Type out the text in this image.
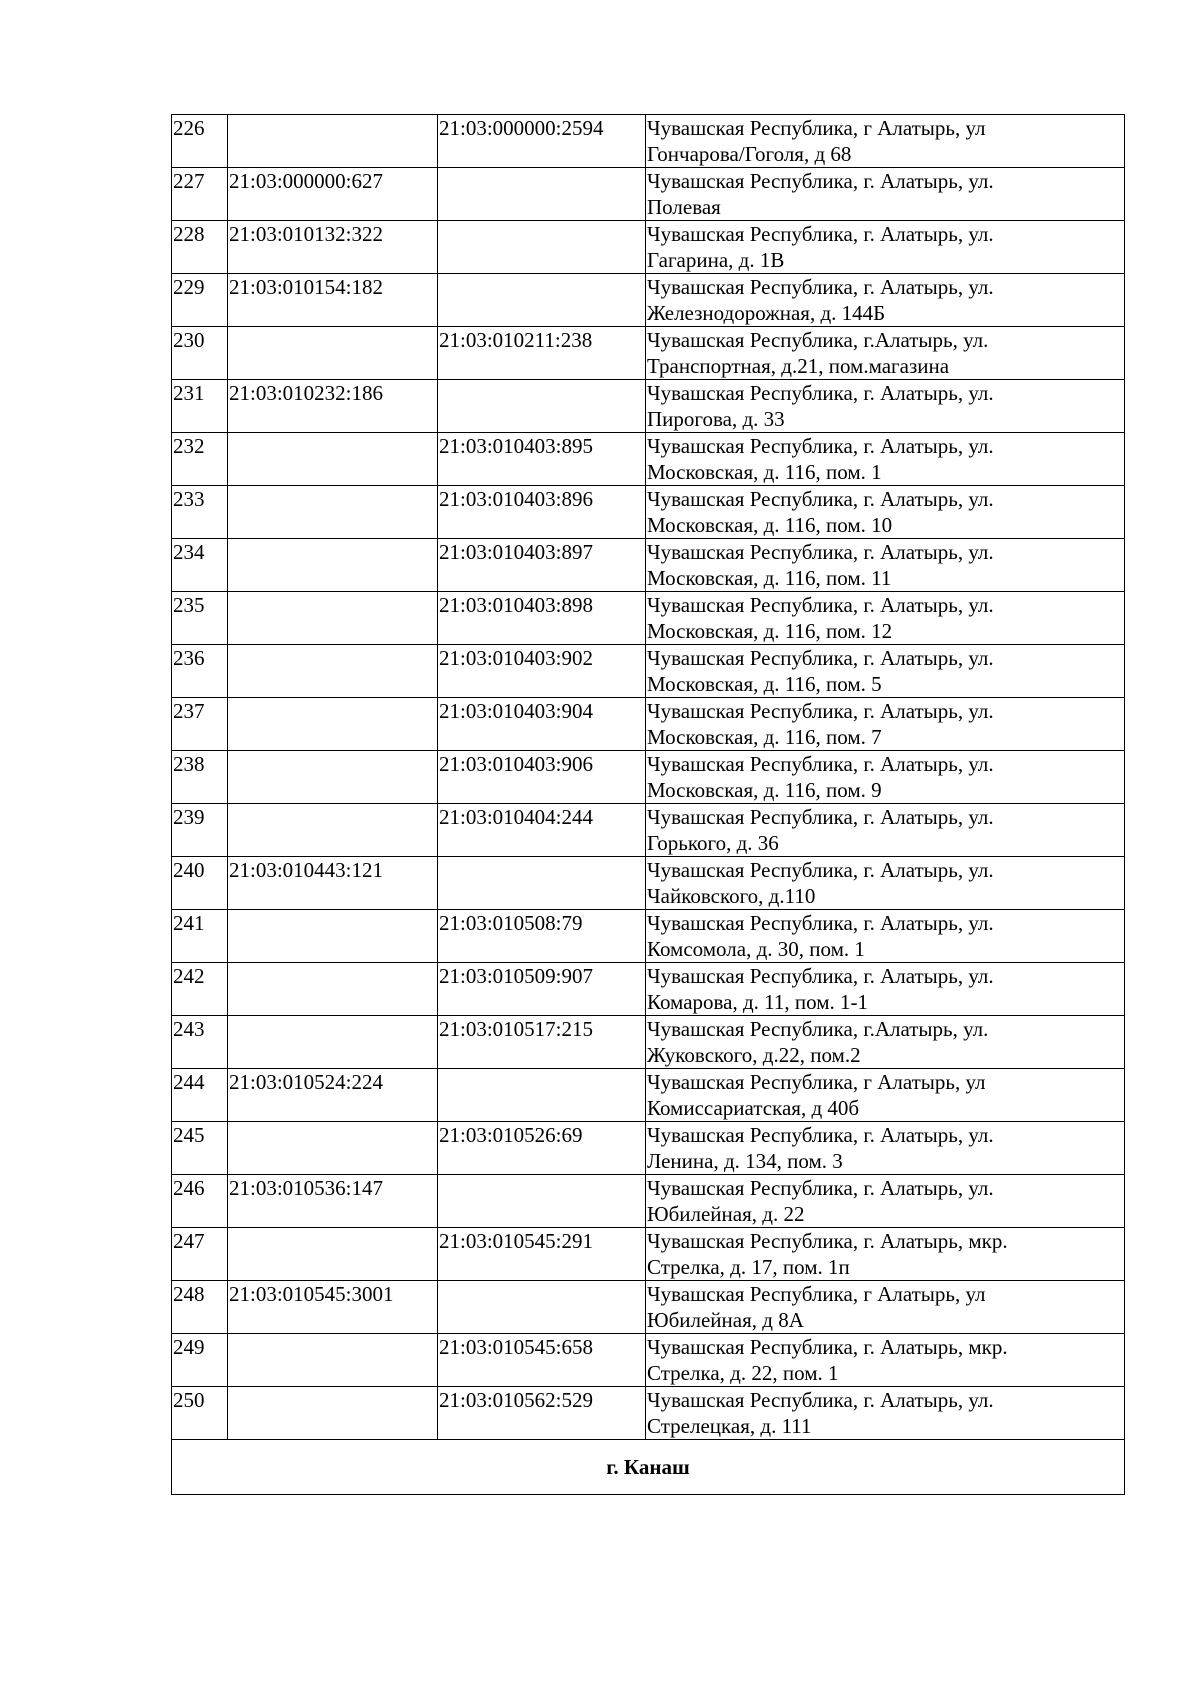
226		21:03:000000:2594	Чувашская Республика, г Алатырь, ул
Гончарова/Гоголя, д 68
227	21:03:000000:627		Чувашская Республика, г. Алатырь, ул.
Полевая
228	21:03:010132:322		Чувашская Республика, г. Алатырь, ул.
Гагарина, д. 1В
229	21:03:010154:182		Чувашская Республика, г. Алатырь, ул.
Железнодорожная, д. 144Б
230		21:03:010211:238	Чувашская Республика, г.Алатырь, ул.
Транспортная, д.21, пом.магазина
231	21:03:010232:186		Чувашская Республика, г. Алатырь, ул.
Пирогова, д. 33
232		21:03:010403:895	Чувашская Республика, г. Алатырь, ул.
Московская, д. 116, пом. 1
233		21:03:010403:896	Чувашская Республика, г. Алатырь, ул.
Московская, д. 116, пом. 10
234		21:03:010403:897	Чувашская Республика, г. Алатырь, ул.
Московская, д. 116, пом. 11
235		21:03:010403:898	Чувашская Республика, г. Алатырь, ул.
Московская, д. 116, пом. 12
236		21:03:010403:902	Чувашская Республика, г. Алатырь, ул.
Московская, д. 116, пом. 5
237		21:03:010403:904	Чувашская Республика, г. Алатырь, ул.
Московская, д. 116, пом. 7
238		21:03:010403:906	Чувашская Республика, г. Алатырь, ул.
Московская, д. 116, пом. 9
239		21:03:010404:244	Чувашская Республика, г. Алатырь, ул.
Горького, д. 36
240	21:03:010443:121		Чувашская Республика, г. Алатырь, ул.
Чайковского, д.110
241		21:03:010508:79	Чувашская Республика, г. Алатырь, ул.
Комсомола, д. 30, пом. 1
242		21:03:010509:907	Чувашская Республика, г. Алатырь, ул.
Комарова, д. 11, пом. 1-1
243		21:03:010517:215	Чувашская Республика, г.Алатырь, ул.
Жуковского, д.22, пом.2
244	21:03:010524:224		Чувашская Республика, г Алатырь, ул
Комиссариатская, д 40б
245		21:03:010526:69	Чувашская Республика, г. Алатырь, ул.
Ленина, д. 134, пом. 3
246	21:03:010536:147		Чувашская Республика, г. Алатырь, ул.
Юбилейная, д. 22
247		21:03:010545:291	Чувашская Республика, г. Алатырь, мкр.
Стрелка, д. 17, пом. 1п
248	21:03:010545:3001		Чувашская Республика, г Алатырь, ул
Юбилейная, д 8А
249		21:03:010545:658	Чувашская Республика, г. Алатырь, мкр.
Стрелка, д. 22, пом. 1
250		21:03:010562:529	Чувашская Республика, г. Алатырь, ул.
Стрелецкая, д. 111
г. Канаш			
